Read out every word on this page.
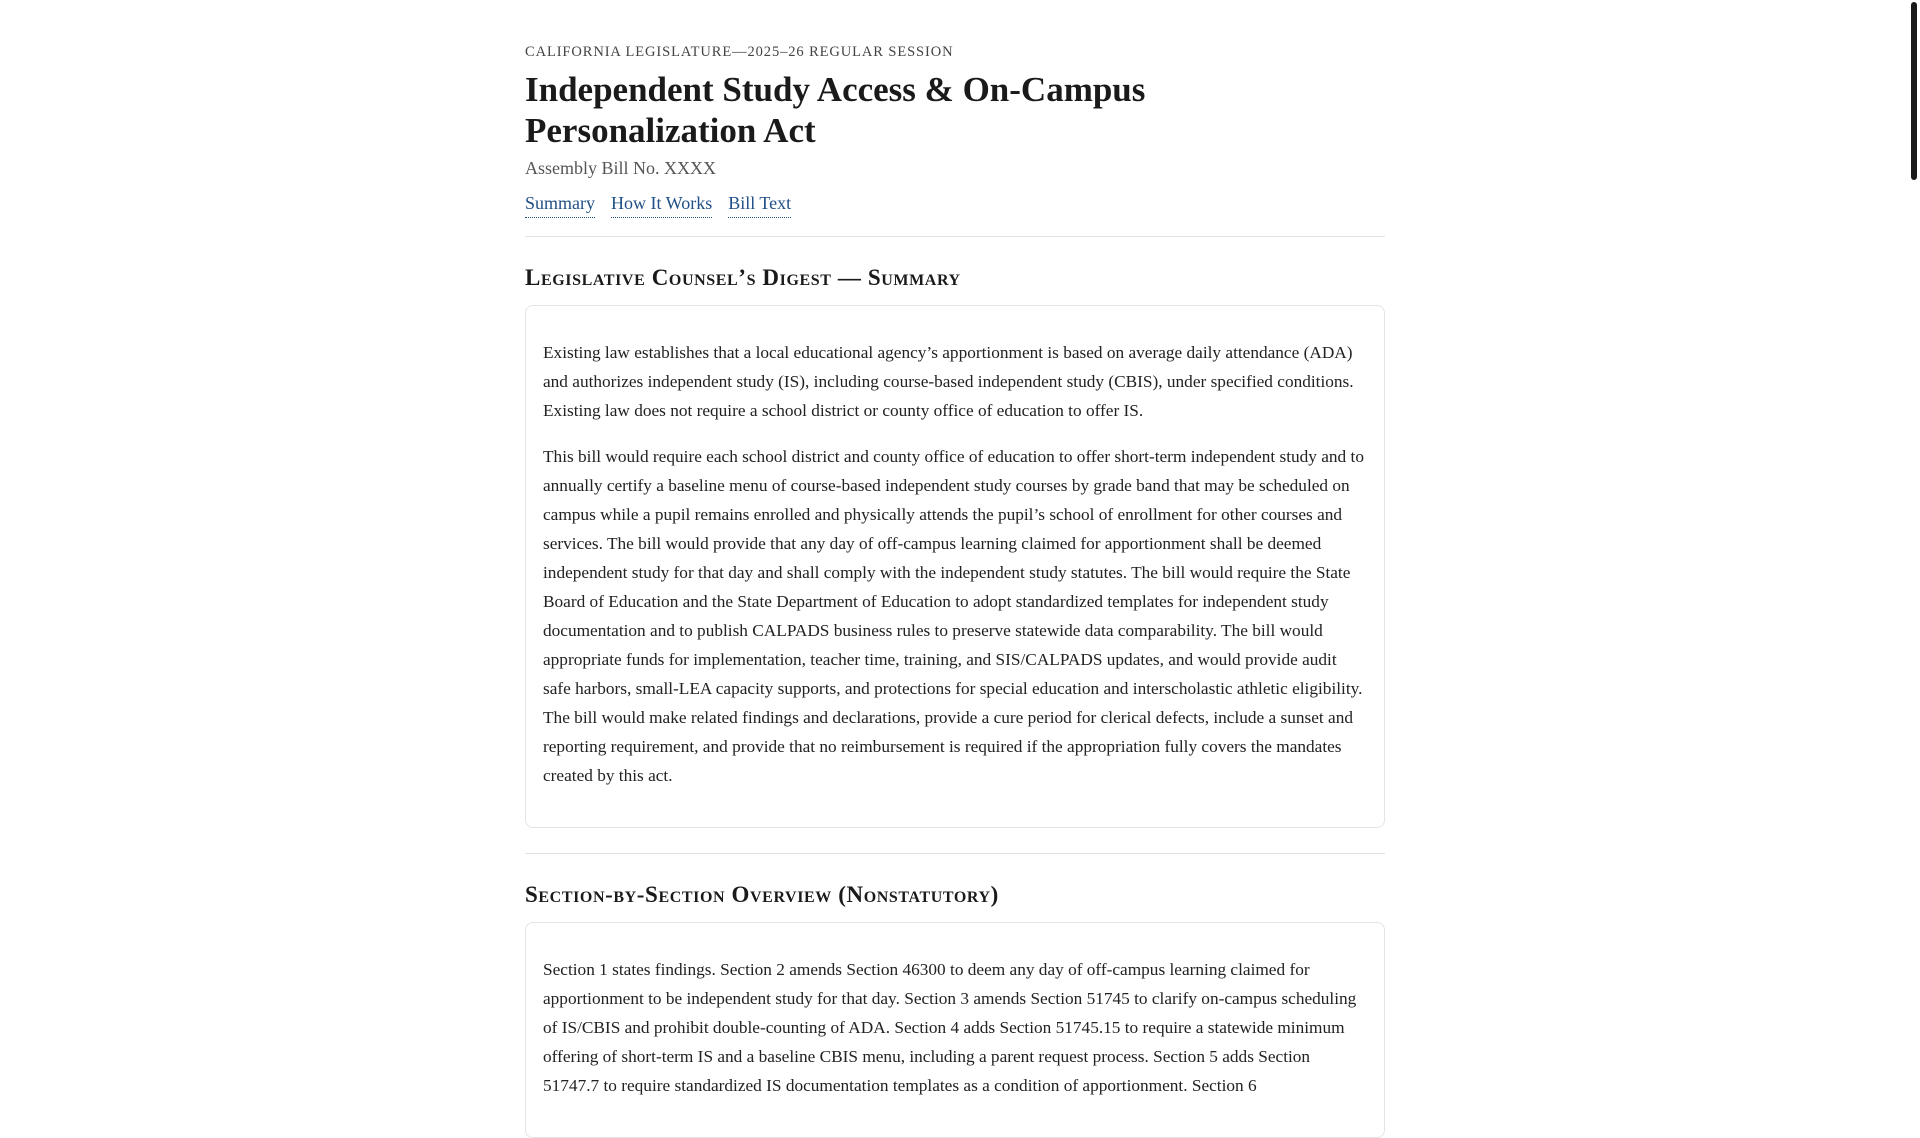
CALIFORNIA LEGISLATURE—2025–26 REGULAR SESSION
Independent Study Access & On-Campus Personalization Act
Assembly Bill No. XXXX
Summary How It Works Bill Text
Legislative Counsel’s Digest — Summary

Existing law establishes that a local educational agency’s apportionment is based on average daily attendance (ADA) and authorizes independent study (IS), including course-based independent study (CBIS), under specified conditions. Existing law does not require a school district or county office of education to offer IS.

This bill would require each school district and county office of education to offer short-term independent study and to annually certify a baseline menu of course-based independent study courses by grade band that may be scheduled on campus while a pupil remains enrolled and physically attends the pupil’s school of enrollment for other courses and services. The bill would provide that any day of off-campus learning claimed for apportionment shall be deemed independent study for that day and shall comply with the independent study statutes. The bill would require the State Board of Education and the State Department of Education to adopt standardized templates for independent study documentation and to publish CALPADS business rules to preserve statewide data comparability. The bill would appropriate funds for implementation, teacher time, training, and SIS/CALPADS updates, and would provide audit safe harbors, small-LEA capacity supports, and protections for special education and interscholastic athletic eligibility. The bill would make related findings and declarations, provide a cure period for clerical defects, include a sunset and reporting requirement, and provide that no reimbursement is required if the appropriation fully covers the mandates created by this act.

Section-by-Section Overview (Nonstatutory)

Section 1 states findings. Section 2 amends Section 46300 to deem any day of off-campus learning claimed for apportionment to be independent study for that day. Section 3 amends Section 51745 to clarify on-campus scheduling of IS/CBIS and prohibit double-counting of ADA. Section 4 adds Section 51745.15 to require a statewide minimum offering of short-term IS and a baseline CBIS menu, including a parent request process. Section 5 adds Section 51747.7 to require standardized IS documentation templates as a condition of apportionment. Section 6
